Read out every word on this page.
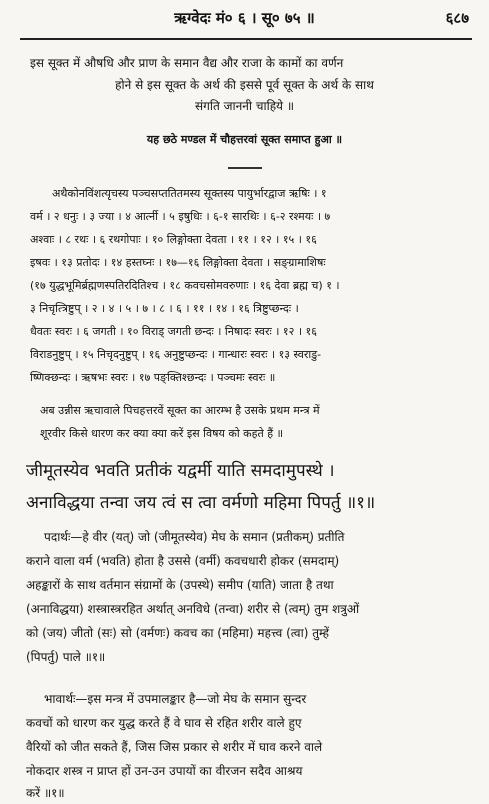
ऋग्वेदः मं० ६ । सू० ७५ ॥	६८७
इस सूक्त में औषधि और प्राण के समान वैद्य और राजा के कामों का वर्णन
होने से इस सूक्त के अर्थ की इससे पूर्व सूक्त के अर्थ के साथ
संगति जाननी चाहिये ॥
यह छठे मण्डल में चौहत्तरवां सूक्त समाप्त हुआ ॥
अथैकोनविंशत्यृचस्य पञ्चसप्ततितमस्य सूक्तस्य पायुर्भारद्वाज ऋषिः । १
वर्म । २ धनुः । ३ ज्या । ४ आर्त्नी । ५ इषुधिः । ६-१ सारथिः । ६-२ रश्मयः । ७
अश्वाः । ८ रथः । ६ रथगोपाः । १० लिङ्गोक्ता देवता । ११ । १२ । १५ । १६
इषवः । १३ प्रतोदः । १४ हस्तघ्नः । १७—१६ लिङ्गोक्ता देवता । सङ्ग्रामाशिषः
(१७ युद्धभूमिर्ब्रह्मणस्पतिरदितिश्च । १८ कवचसोमवरुणाः । १६ देवा ब्रह्म च) १ ।
३ निचृत्त्रिष्टुप् । २ । ४ । ५ । ७ । ८ । ६ । ११ । १४ । १६ त्रिष्टुप्छन्दः ।
धैवतः स्वरः । ६ जगती । १० विराड् जगती छन्दः । निषादः स्वरः । १२ । १६
विराडनुष्टुप् । १५ निचृदनुष्टुप् । १६ अनुष्टुप्छन्दः । गान्धारः स्वरः । १३ स्वराडु-
ष्णिक्छन्दः । ऋषभः स्वरः । १७ पङ्क्तिश्छन्दः । पञ्चमः स्वरः ॥
अब उन्नीस ऋचावाले पिचहत्तरवें सूक्त का आरम्भ है उसके प्रथम मन्त्र में
शूरवीर किसे धारण कर क्या क्या करें इस विषय को कहते हैं ॥
जीमूतस्येव भवति प्रतीकं यद्वर्मी याति समदामुपस्थे ।
अनाविद्धया तन्वा जय त्वं स त्वा वर्मणो महिमा पिपर्तु ॥१॥
पदार्थः—हे वीर (यत्) जो (जीमूतस्येव) मेघ के समान (प्रतीकम्) प्रतीति
कराने वाला वर्म (भवति) होता है उससे (वर्मी) कवचधारी होकर (समदाम्)
अहङ्कारों के साथ वर्तमान संग्रामों के (उपस्थे) समीप (याति) जाता है तथा
(अनाविद्धया) शस्त्रास्त्ररहित अर्थात् अनविधे (तन्वा) शरीर से (त्वम्) तुम शत्रुओं
को (जय) जीतो (सः) सो (वर्मणः) कवच का (महिमा) महत्त्व (त्वा) तुम्हें
(पिपर्तु) पाले ॥१॥
भावार्थः—इस मन्त्र में उपमालङ्कार है—जो मेघ के समान सुन्दर
कवचों को धारण कर युद्ध करते हैं वे घाव से रहित शरीर वाले हुए
वैरियों को जीत सकते हैं, जिस जिस प्रकार से शरीर में घाव करने वाले
नोकदार शस्त्र न प्राप्त हों उन-उन उपायों का वीरजन सदैव आश्रय
करें ॥१॥
